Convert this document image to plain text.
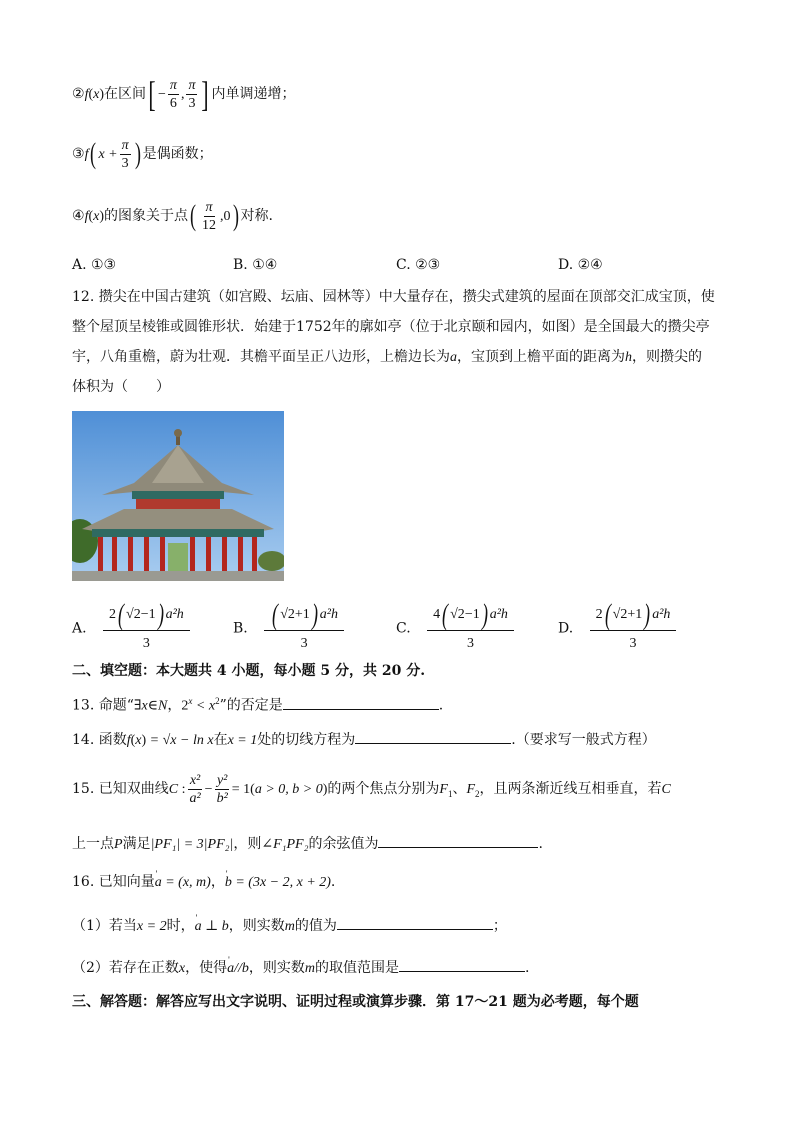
②f(x)在区间[ − $\frac{\pi}{6}$ , $\frac{\pi}{3}$ ] 内单调递增；
③f( $x + \frac{\pi}{3}$ ) 是偶函数；
④f(x)的图象关于点( $\frac{\pi}{12} ,0$) 对称.
A. ①③	B. ①④	C. ②③	D. ②④
12. 攒尖在中国古建筑（如宫殿、坛庙、园林等）中大量存在，攒尖式建筑的屋面在顶部交汇成宝顶，使
整个屋顶呈棱锥或圆锥形状．始建于1752年的廓如亭（位于北京颐和园内，如图）是全国最大的攒尖亭
宇，八角重檐，蔚为壮观．其檐平面呈正八边形，上檐边长为a，宝顶到上檐平面的距离为h，则攒尖的
体积为（　　）
A. $\frac{\text{2( √2−1) a²h}}{3}$	B. $\frac{\text{( √2+1) a²h}}{3}$	C. $\frac{\text{4( √2−1) a²h}}{3}$	D. $\frac{\text{2( √2+1) a²h}}{3}$
二、填空题：本大题共 4 小题，每小题 5 分，共 20 分.
13. 命题“∃x∈N，$2^x < x^2$”的否定是	.
14. 函数f(x) = √x − ln x在x = 1处的切线方程为	.（要求写一般式方程）
15. 已知双曲线C : $\frac{\text{x²}}{\text{a²}} - \frac{\text{y²}}{\text{b²}} = 1(a > 0$, b > 0)的两个焦点分别为$F_1$、$F_2$，且两条渐近线互相垂直，若C
上一点P满足|PF₁| = 3|PF₂|，则∠F₁PF₂的余弦值为	.
16. 已知向量' a = (x, m)，' b = (3x − 2, x + 2).
（1）若当x = 2时，' a ⊥ b，则实数m的值为	；
（2）若存在正数x，使得' a//b，则实数m的取值范围是	.
三、解答题：解答应写出文字说明、证明过程或演算步骤．第 17～21 题为必考题，每个题
